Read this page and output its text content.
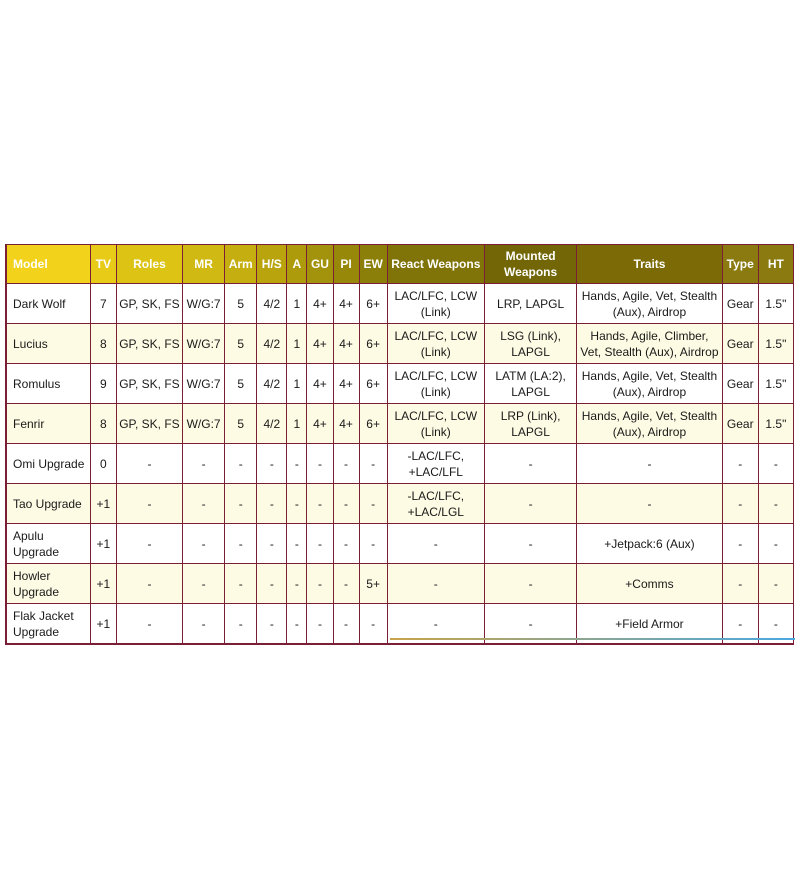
Model	TV	Roles	MR	Arm	H/S	A	GU	PI	EW	React Weapons	Mounted Weapons	Traits	Type	HT
Dark Wolf	7	GP, SK, FS	W/G:7	5	4/2	1	4+	4+	6+	LAC/LFC, LCW (Link)	LRP, LAPGL	Hands, Agile, Vet, Stealth (Aux), Airdrop	Gear	1.5"
Lucius	8	GP, SK, FS	W/G:7	5	4/2	1	4+	4+	6+	LAC/LFC, LCW (Link)	LSG (Link), LAPGL	Hands, Agile, Climber, Vet, Stealth (Aux), Airdrop	Gear	1.5"
Romulus	9	GP, SK, FS	W/G:7	5	4/2	1	4+	4+	6+	LAC/LFC, LCW (Link)	LATM (LA:2), LAPGL	Hands, Agile, Vet, Stealth (Aux), Airdrop	Gear	1.5"
Fenrir	8	GP, SK, FS	W/G:7	5	4/2	1	4+	4+	6+	LAC/LFC, LCW (Link)	LRP (Link), LAPGL	Hands, Agile, Vet, Stealth (Aux), Airdrop	Gear	1.5"
Omi Upgrade	0	-	-	-	-	-	-	-	-	-LAC/LFC, +LAC/LFL	-	-	-	-
Tao Upgrade	+1	-	-	-	-	-	-	-	-	-LAC/LFC, +LAC/LGL	-	-	-	-
Apulu Upgrade	+1	-	-	-	-	-	-	-	-	-	-	+Jetpack:6 (Aux)	-	-
Howler Upgrade	+1	-	-	-	-	-	-	-	5+	-	-	+Comms	-	-
Flak Jacket Upgrade	+1	-	-	-	-	-	-	-	-	-	-	+Field Armor	-	-
